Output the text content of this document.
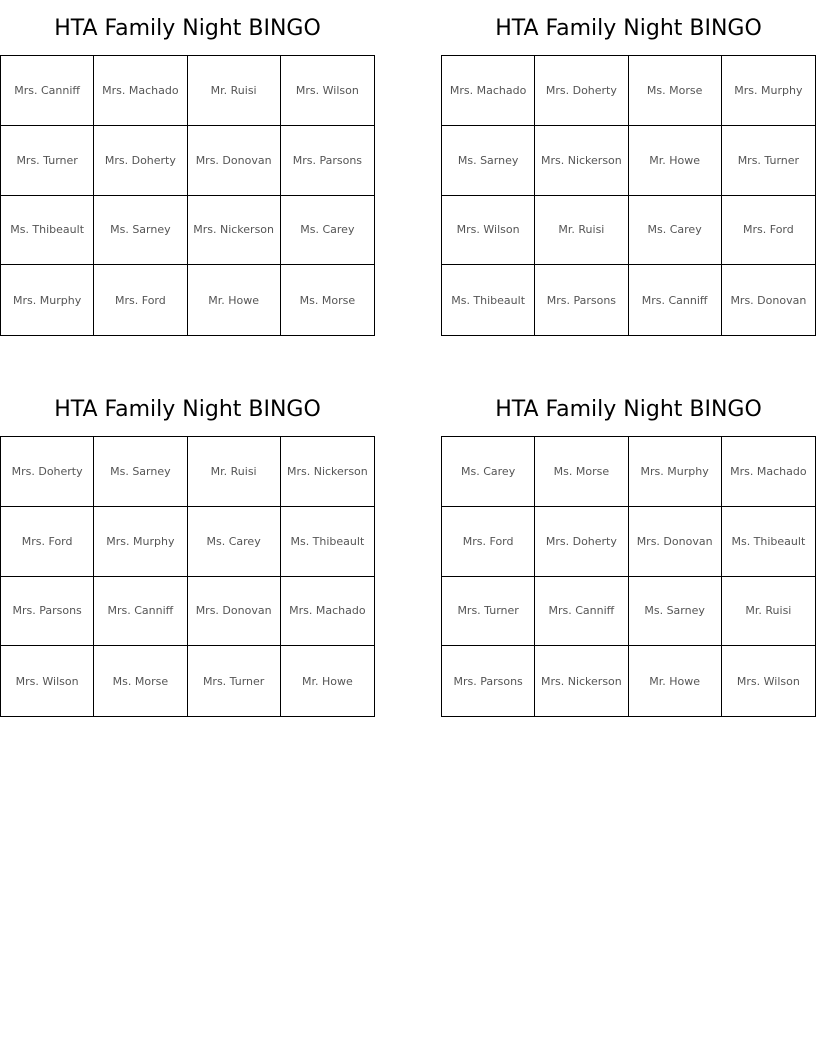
HTA Family Night BINGO
Mrs. Canniff	Mrs. Machado	Mr. Ruisi	Mrs. Wilson
Mrs. Turner	Mrs. Doherty	Mrs. Donovan	Mrs. Parsons
Ms. Thibeault	Ms. Sarney	Mrs. Nickerson	Ms. Carey
Mrs. Murphy	Mrs. Ford	Mr. Howe	Ms. Morse
HTA Family Night BINGO
Mrs. Machado	Mrs. Doherty	Ms. Morse	Mrs. Murphy
Ms. Sarney	Mrs. Nickerson	Mr. Howe	Mrs. Turner
Mrs. Wilson	Mr. Ruisi	Ms. Carey	Mrs. Ford
Ms. Thibeault	Mrs. Parsons	Mrs. Canniff	Mrs. Donovan
HTA Family Night BINGO
Mrs. Doherty	Ms. Sarney	Mr. Ruisi	Mrs. Nickerson
Mrs. Ford	Mrs. Murphy	Ms. Carey	Ms. Thibeault
Mrs. Parsons	Mrs. Canniff	Mrs. Donovan	Mrs. Machado
Mrs. Wilson	Ms. Morse	Mrs. Turner	Mr. Howe
HTA Family Night BINGO
Ms. Carey	Ms. Morse	Mrs. Murphy	Mrs. Machado
Mrs. Ford	Mrs. Doherty	Mrs. Donovan	Ms. Thibeault
Mrs. Turner	Mrs. Canniff	Ms. Sarney	Mr. Ruisi
Mrs. Parsons	Mrs. Nickerson	Mr. Howe	Mrs. Wilson
